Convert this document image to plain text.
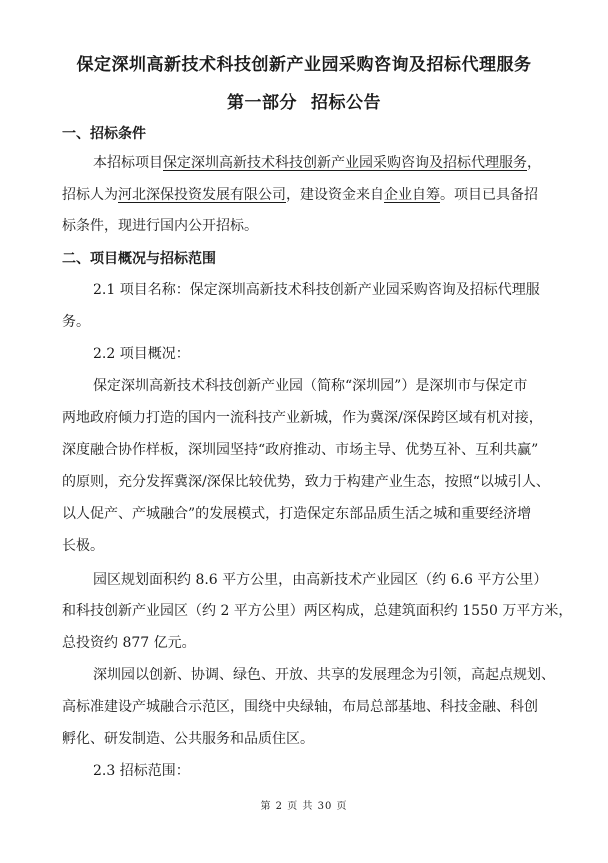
保定深圳高新技术科技创新产业园采购咨询及招标代理服务
第一部分 招标公告
一、招标条件
本招标项目保定深圳高新技术科技创新产业园采购咨询及招标代理服务，
招标人为河北深保投资发展有限公司，建设资金来自企业自筹。项目已具备招
标条件，现进行国内公开招标。
二、项目概况与招标范围
2.1 项目名称：保定深圳高新技术科技创新产业园采购咨询及招标代理服
务。
2.2 项目概况：
保定深圳高新技术科技创新产业园（简称“深圳园”）是深圳市与保定市
两地政府倾力打造的国内一流科技产业新城，作为冀深/深保跨区域有机对接，
深度融合协作样板，深圳园坚持“政府推动、市场主导、优势互补、互利共赢”
的原则，充分发挥冀深/深保比较优势，致力于构建产业生态，按照“以城引人、
以人促产、产城融合”的发展模式，打造保定东部品质生活之城和重要经济增
长极。
园区规划面积约 8.6 平方公里，由高新技术产业园区（约 6.6 平方公里）
和科技创新产业园区（约 2 平方公里）两区构成，总建筑面积约 1550 万平方米，
总投资约 877 亿元。
深圳园以创新、协调、绿色、开放、共享的发展理念为引领，高起点规划、
高标准建设产城融合示范区，围绕中央绿轴，布局总部基地、科技金融、科创
孵化、研发制造、公共服务和品质住区。
2.3 招标范围：
第 2 页 共 30 页
